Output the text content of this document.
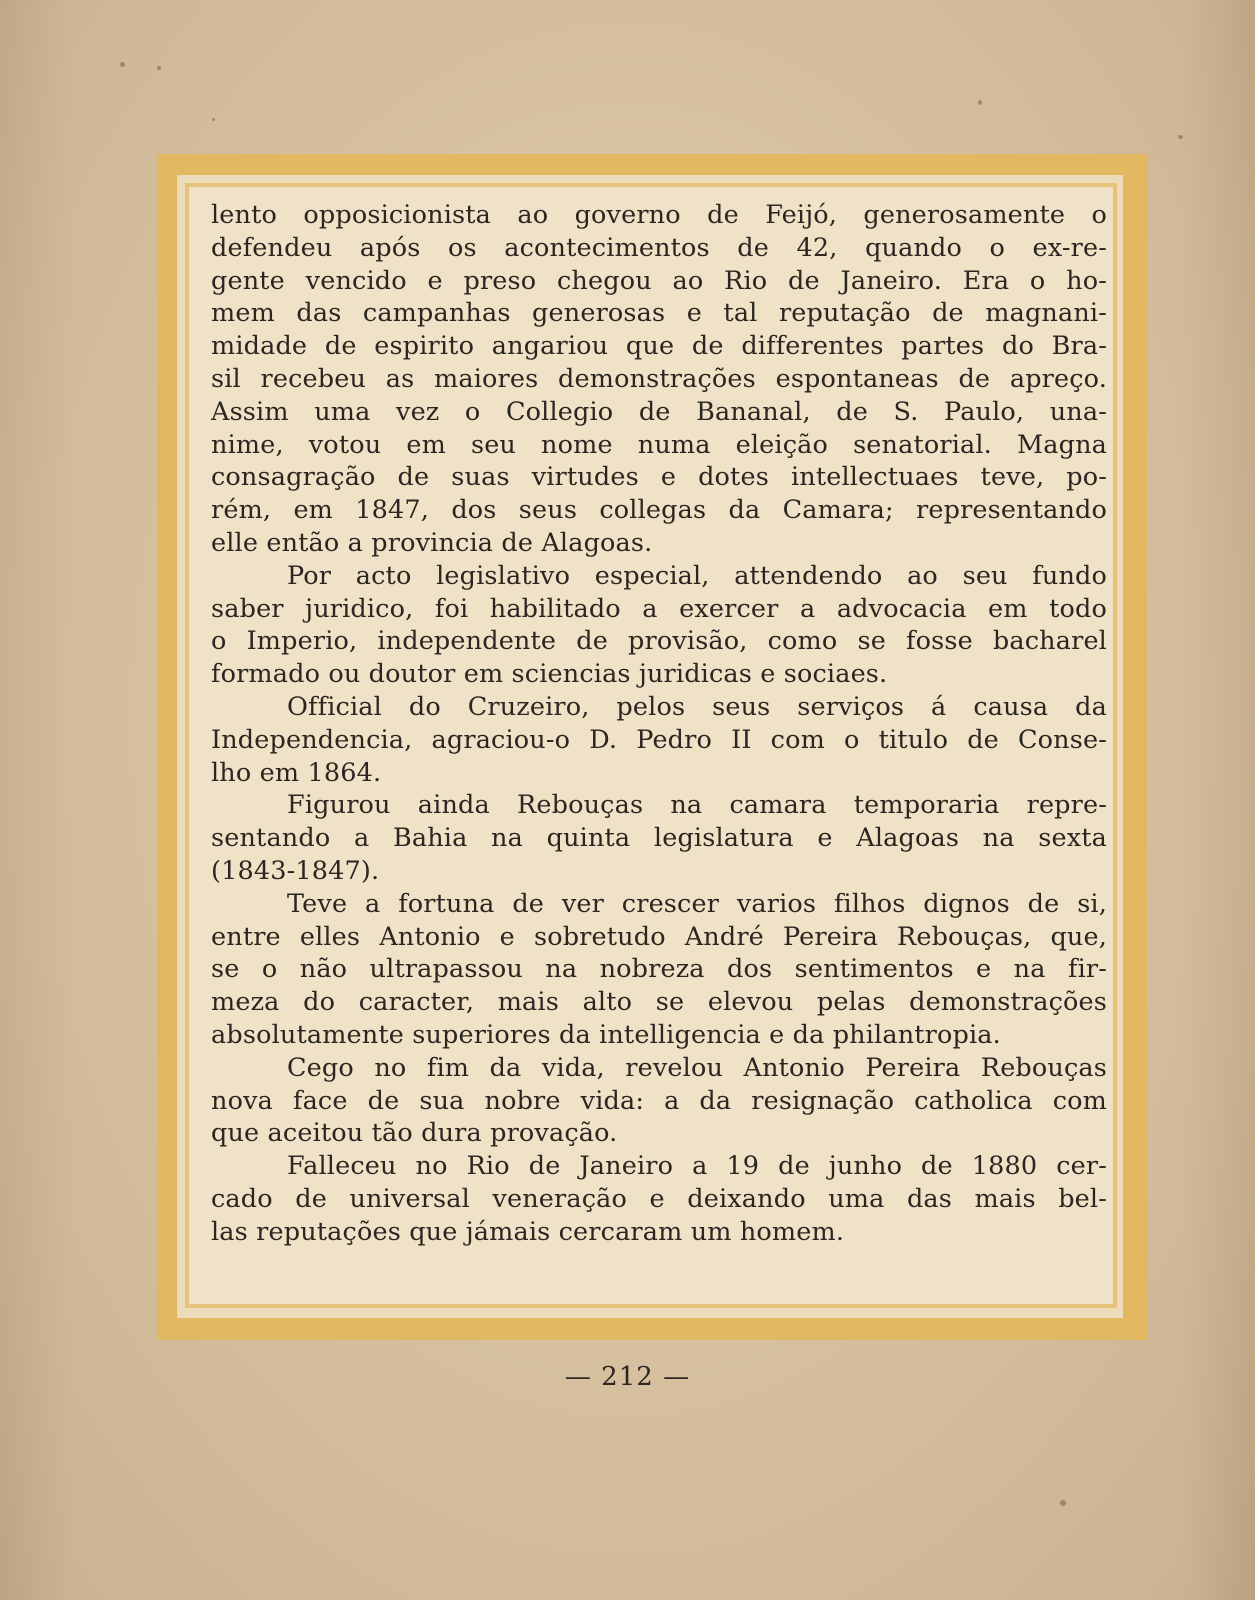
lento opposicionista ao governo de Feijó, generosamente o
defendeu após os acontecimentos de 42, quando o ex-re-
gente vencido e preso chegou ao Rio de Janeiro. Era o ho-
mem das campanhas generosas e tal reputação de magnani-
midade de espirito angariou que de differentes partes do Bra-
sil recebeu as maiores demonstrações espontaneas de apreço.
Assim uma vez o Collegio de Bananal, de S. Paulo, una-
nime, votou em seu nome numa eleição senatorial. Magna
consagração de suas virtudes e dotes intellectuaes teve, po-
rém, em 1847, dos seus collegas da Camara; representando
elle então a provincia de Alagoas.
Por acto legislativo especial, attendendo ao seu fundo
saber juridico, foi habilitado a exercer a advocacia em todo
o Imperio, independente de provisão, como se fosse bacharel
formado ou doutor em sciencias juridicas e sociaes.
Official do Cruzeiro, pelos seus serviços á causa da
Independencia, agraciou-o D. Pedro II com o titulo de Conse-
lho em 1864.
Figurou ainda Rebouças na camara temporaria repre-
sentando a Bahia na quinta legislatura e Alagoas na sexta
(1843-1847).
Teve a fortuna de ver crescer varios filhos dignos de si,
entre elles Antonio e sobretudo André Pereira Rebouças, que,
se o não ultrapassou na nobreza dos sentimentos e na fir-
meza do caracter, mais alto se elevou pelas demonstrações
absolutamente superiores da intelligencia e da philantropia.
Cego no fim da vida, revelou Antonio Pereira Rebouças
nova face de sua nobre vida: a da resignação catholica com
que aceitou tão dura provação.
Falleceu no Rio de Janeiro a 19 de junho de 1880 cer-
cado de universal veneração e deixando uma das mais bel-
las reputações que jámais cercaram um homem.
— 212 —
